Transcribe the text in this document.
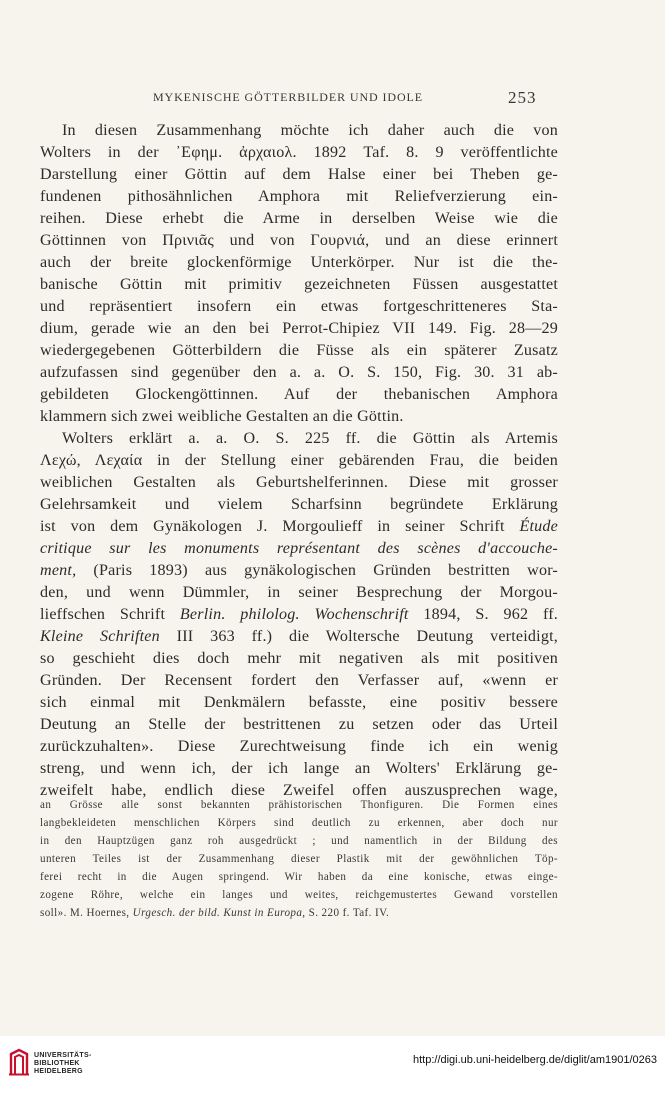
MYKENISCHE GÖTTERBILDER UND IDOLE	253
In diesen Zusammenhang möchte ich daher auch die von
Wolters in der ᾿Εφημ. ἀρχαιολ. 1892 Taf. 8. 9 veröffentlichte
Darstellung einer Göttin auf dem Halse einer bei Theben ge-
fundenen pithosähnlichen Amphora mit Reliefverzierung ein-
reihen. Diese erhebt die Arme in derselben Weise wie die
Göttinnen von Πρινιᾶς und von Γουρνιά, und an diese erinnert
auch der breite glockenförmige Unterkörper. Nur ist die the-
banische Göttin mit primitiv gezeichneten Füssen ausgestattet
und repräsentiert insofern ein etwas fortgeschritteneres Sta-
dium, gerade wie an den bei Perrot-Chipiez VII 149. Fig. 28—29
wiedergegebenen Götterbildern die Füsse als ein späterer Zusatz
aufzufassen sind gegenüber den a. a. O. S. 150, Fig. 30. 31 ab-
gebildeten Glockengöttinnen. Auf der thebanischen Amphora
klammern sich zwei weibliche Gestalten an die Göttin.
Wolters erklärt a. a. O. S. 225 ff. die Göttin als Artemis
Λεχώ, Λεχαία in der Stellung einer gebärenden Frau, die beiden
weiblichen Gestalten als Geburtshelferinnen. Diese mit grosser
Gelehrsamkeit und vielem Scharfsinn begründete Erklärung
ist von dem Gynäkologen J. Morgoulieff in seiner Schrift Étude
critique sur les monuments représentant des scènes d'accouche-
ment, (Paris 1893) aus gynäkologischen Gründen bestritten wor-
den, und wenn Dümmler, in seiner Besprechung der Morgou-
lieffschen Schrift Berlin. philolog. Wochenschrift 1894, S. 962 ff.
Kleine Schriften III 363 ff.) die Woltersche Deutung verteidigt,
so geschieht dies doch mehr mit negativen als mit positiven
Gründen. Der Recensent fordert den Verfasser auf, «wenn er
sich einmal mit Denkmälern befasste, eine positiv bessere
Deutung an Stelle der bestrittenen zu setzen oder das Urteil
zurückzuhalten». Diese Zurechtweisung finde ich ein wenig
streng, und wenn ich, der ich lange an Wolters' Erklärung ge-
zweifelt habe, endlich diese Zweifel offen auszusprechen wage,
an Grösse alle sonst bekannten prähistorischen Thonfiguren. Die Formen eines
langbekleideten menschlichen Körpers sind deutlich zu erkennen, aber doch nur
in den Hauptzügen ganz roh ausgedrückt ; und namentlich in der Bildung des
unteren Teiles ist der Zusammenhang dieser Plastik mit der gewöhnlichen Töp-
ferei recht in die Augen springend. Wir haben da eine konische, etwas einge-
zogene Röhre, welche ein langes und weites, reichgemustertes Gewand vorstellen
soll». M. Hoernes, Urgesch. der bild. Kunst in Europa, S. 220 f. Taf. IV.
UNIVERSITÄTS-
BIBLIOTHEK
HEIDELBERG
http://digi.ub.uni-heidelberg.de/diglit/am1901/0263
